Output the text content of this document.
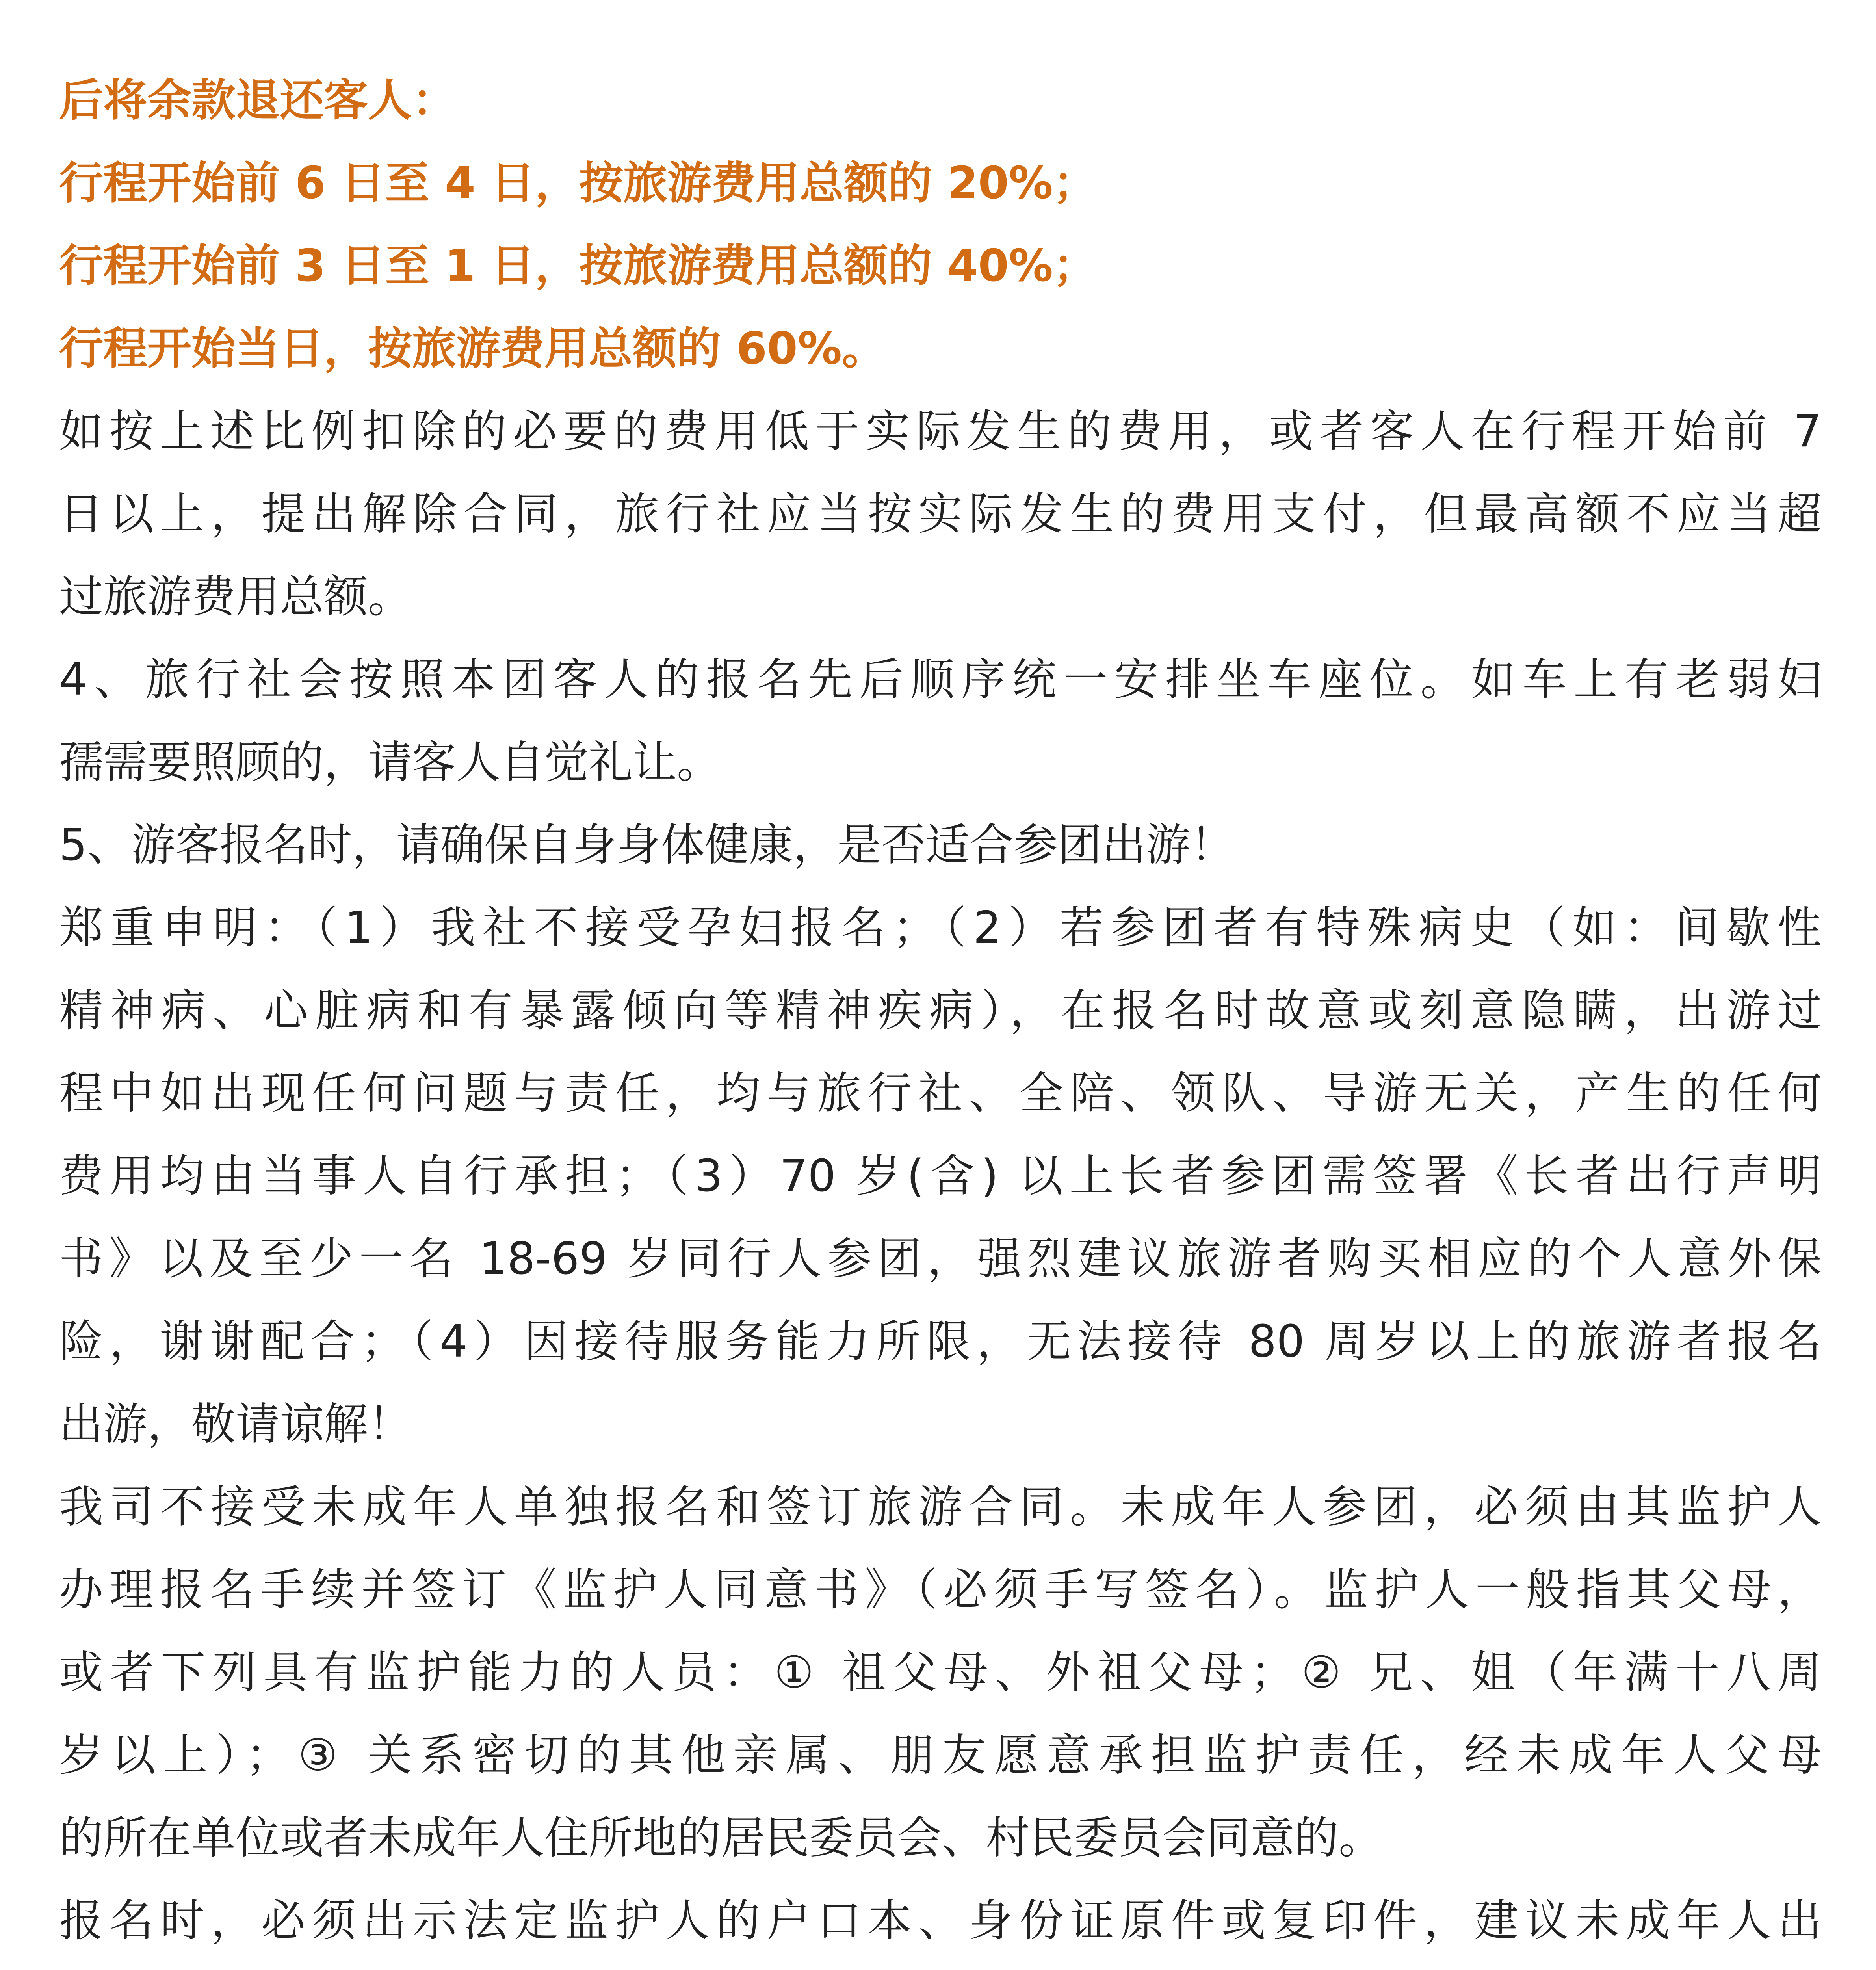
后将余款退还客人：
行程开始前 6 日至 4 日，按旅游费用总额的 20%；
行程开始前 3 日至 1 日，按旅游费用总额的 40%；
行程开始当日，按旅游费用总额的 60%。
如按上述比例扣除的必要的费用低于实际发生的费用，或者客人在行程开始前 7
日以上，提出解除合同，旅行社应当按实际发生的费用支付，但最高额不应当超
过旅游费用总额。
4、旅行社会按照本团客人的报名先后顺序统一安排坐车座位。如车上有老弱妇
孺需要照顾的，请客人自觉礼让。
5、游客报名时，请确保自身身体健康，是否适合参团出游！
郑重申明：（1）我社不接受孕妇报名；（2）若参团者有特殊病史（如：间歇性
精神病、心脏病和有暴露倾向等精神疾病），在报名时故意或刻意隐瞒，出游过
程中如出现任何问题与责任，均与旅行社、全陪、领队、导游无关，产生的任何
费用均由当事人自行承担；（3）70 岁(含) 以上长者参团需签署《长者出行声明
书》以及至少一名 18-69 岁同行人参团，强烈建议旅游者购买相应的个人意外保
险，谢谢配合；（4）因接待服务能力所限，无法接待 80 周岁以上的旅游者报名
出游，敬请谅解！
我司不接受未成年人单独报名和签订旅游合同。未成年人参团，必须由其监护人
办理报名手续并签订《监护人同意书》（必须手写签名）。监护人一般指其父母，
或者下列具有监护能力的人员：① 祖父母、外祖父母；② 兄、姐（年满十八周
岁以上）；③ 关系密切的其他亲属、朋友愿意承担监护责任，经未成年人父母
的所在单位或者未成年人住所地的居民委员会、村民委员会同意的。
报名时，必须出示法定监护人的户口本、身份证原件或复印件，建议未成年人出
